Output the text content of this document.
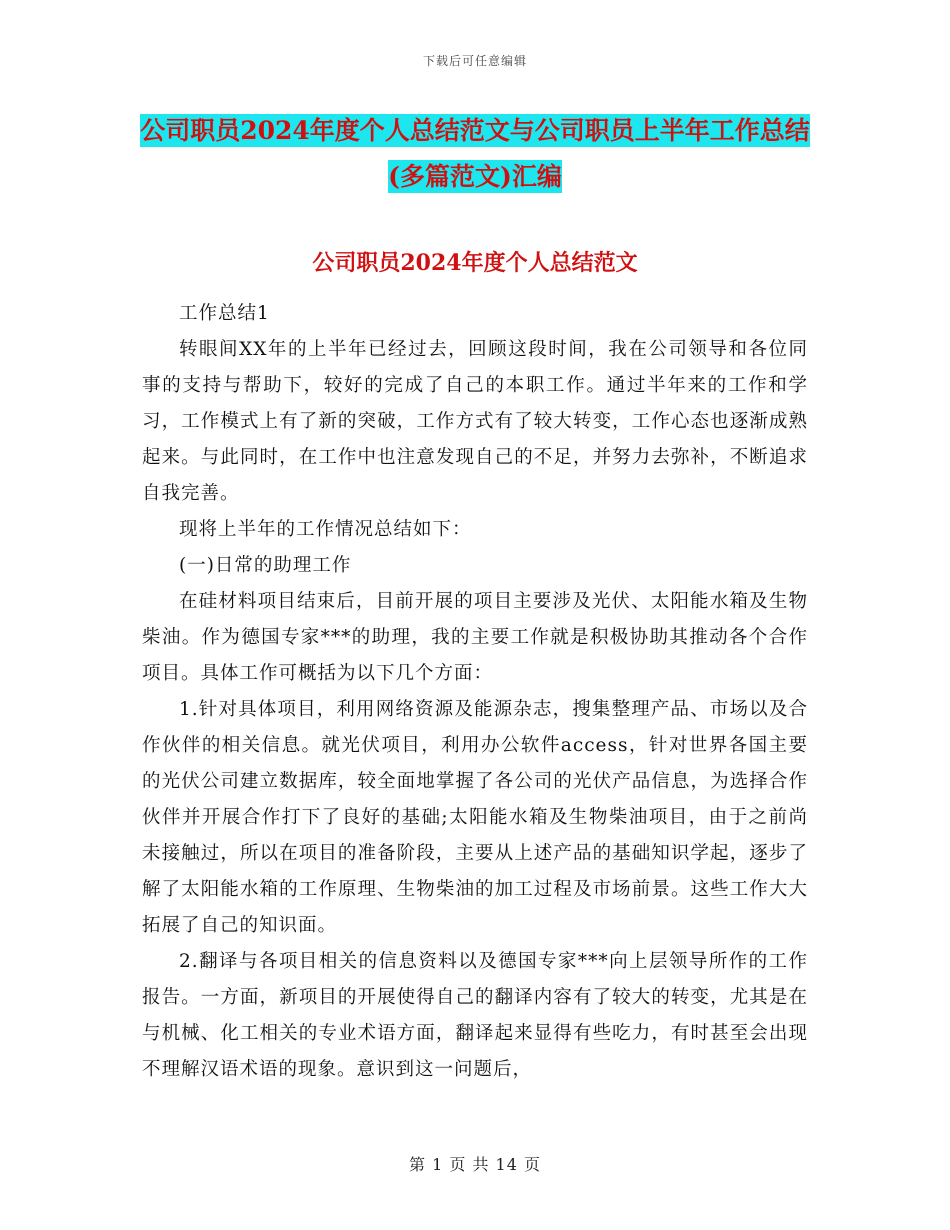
下载后可任意编辑
公司职员2024年度个人总结范文与公司职员上半年工作总结(多篇范文)汇编
公司职员2024年度个人总结范文

工作总结1

转眼间XX年的上半年已经过去，回顾这段时间，我在公司领导和各位同事的支持与帮助下，较好的完成了自己的本职工作。通过半年来的工作和学习，工作模式上有了新的突破，工作方式有了较大转变，工作心态也逐渐成熟起来。与此同时，在工作中也注意发现自己的不足，并努力去弥补，不断追求自我完善。

现将上半年的工作情况总结如下：

(一)日常的助理工作

在硅材料项目结束后，目前开展的项目主要涉及光伏、太阳能水箱及生物柴油。作为德国专家***的助理，我的主要工作就是积极协助其推动各个合作项目。具体工作可概括为以下几个方面：

1.针对具体项目，利用网络资源及能源杂志，搜集整理产品、市场以及合作伙伴的相关信息。就光伏项目，利用办公软件access，针对世界各国主要的光伏公司建立数据库，较全面地掌握了各公司的光伏产品信息，为选择合作伙伴并开展合作打下了良好的基础;太阳能水箱及生物柴油项目，由于之前尚未接触过，所以在项目的准备阶段，主要从上述产品的基础知识学起，逐步了解了太阳能水箱的工作原理、生物柴油的加工过程及市场前景。这些工作大大拓展了自己的知识面。

2.翻译与各项目相关的信息资料以及德国专家***向上层领导所作的工作报告。一方面，新项目的开展使得自己的翻译内容有了较大的转变，尤其是在与机械、化工相关的专业术语方面，翻译起来显得有些吃力，有时甚至会出现不理解汉语术语的现象。意识到这一问题后，

第 1 页 共 14 页
